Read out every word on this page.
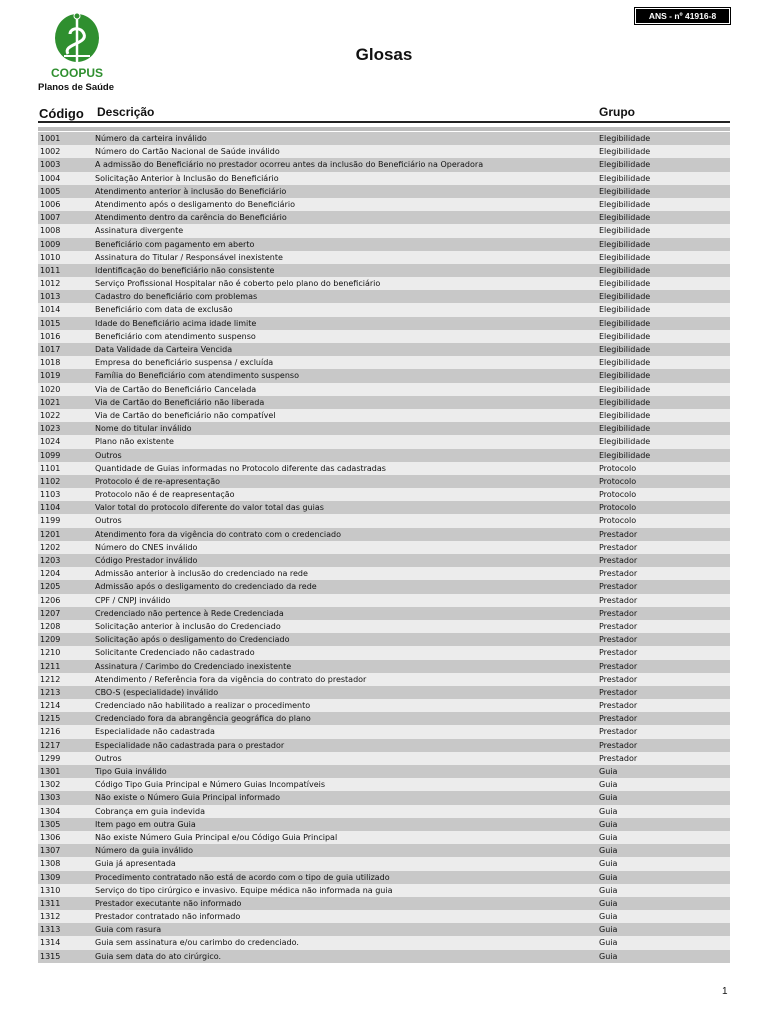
ANS - nº 41916-8
COOPUS
Planos de Saúde
Glosas
Código Descrição	Grupo
1001	Número da carteira inválido	Elegibilidade
1002	Número do Cartão Nacional de Saúde inválido	Elegibilidade
1003	A admissão do Beneficiário no prestador ocorreu antes da inclusão do Beneficiário na Operadora	Elegibilidade
1004	Solicitação Anterior à Inclusão do Beneficiário	Elegibilidade
1005	Atendimento anterior à inclusão do Beneficiário	Elegibilidade
1006	Atendimento após o desligamento do Beneficiário	Elegibilidade
1007	Atendimento dentro da carência do Beneficiário	Elegibilidade
1008	Assinatura divergente	Elegibilidade
1009	Beneficiário com pagamento em aberto	Elegibilidade
1010	Assinatura do Titular / Responsável inexistente	Elegibilidade
1011	Identificação do beneficiário não consistente	Elegibilidade
1012	Serviço Profissional Hospitalar não é coberto pelo plano do beneficiário	Elegibilidade
1013	Cadastro do beneficiário com problemas	Elegibilidade
1014	Beneficiário com data de exclusão	Elegibilidade
1015	Idade do Beneficiário acima idade limite	Elegibilidade
1016	Beneficiário com atendimento suspenso	Elegibilidade
1017	Data Validade da Carteira Vencida	Elegibilidade
1018	Empresa do beneficiário suspensa / excluída	Elegibilidade
1019	Família do Beneficiário com atendimento suspenso	Elegibilidade
1020	Via de Cartão do Beneficiário Cancelada	Elegibilidade
1021	Via de Cartão do Beneficiário não liberada	Elegibilidade
1022	Via de Cartão do beneficiário não compatível	Elegibilidade
1023	Nome do titular inválido	Elegibilidade
1024	Plano não existente	Elegibilidade
1099	Outros	Elegibilidade
1101	Quantidade de Guias informadas no Protocolo diferente das cadastradas	Protocolo
1102	Protocolo é de re-apresentação	Protocolo
1103	Protocolo não é de reapresentação	Protocolo
1104	Valor total do protocolo diferente do valor total das guias	Protocolo
1199	Outros	Protocolo
1201	Atendimento fora da vigência do contrato com o credenciado	Prestador
1202	Número do CNES inválido	Prestador
1203	Código Prestador inválido	Prestador
1204	Admissão anterior à inclusão do credenciado na rede	Prestador
1205	Admissão após o desligamento do credenciado da rede	Prestador
1206	CPF / CNPJ inválido	Prestador
1207	Credenciado não pertence à Rede Credenciada	Prestador
1208	Solicitação anterior à inclusão do Credenciado	Prestador
1209	Solicitação após o desligamento do Credenciado	Prestador
1210	Solicitante Credenciado não cadastrado	Prestador
1211	Assinatura / Carimbo do Credenciado inexistente	Prestador
1212	Atendimento / Referência fora da vigência do contrato do prestador	Prestador
1213	CBO-S (especialidade) inválido	Prestador
1214	Credenciado não habilitado a realizar o procedimento	Prestador
1215	Credenciado fora da abrangência geográfica do plano	Prestador
1216	Especialidade não cadastrada	Prestador
1217	Especialidade não cadastrada para o prestador	Prestador
1299	Outros	Prestador
1301	Tipo Guia inválido	Guia
1302	Código Tipo Guia Principal e Número Guias Incompatíveis	Guia
1303	Não existe o Número Guia Principal informado	Guia
1304	Cobrança em guia indevida	Guia
1305	Item pago em outra Guia	Guia
1306	Não existe Número Guia Principal e/ou Código Guia Principal	Guia
1307	Número da guia inválido	Guia
1308	Guia já apresentada	Guia
1309	Procedimento contratado não está de acordo com o tipo de guia utilizado	Guia
1310	Serviço do tipo cirúrgico e invasivo. Equipe médica não informada na guia	Guia
1311	Prestador executante não informado	Guia
1312	Prestador contratado não informado	Guia
1313	Guia com rasura	Guia
1314	Guia sem assinatura e/ou carimbo do credenciado.	Guia
1315	Guia sem data do ato cirúrgico.	Guia
1
